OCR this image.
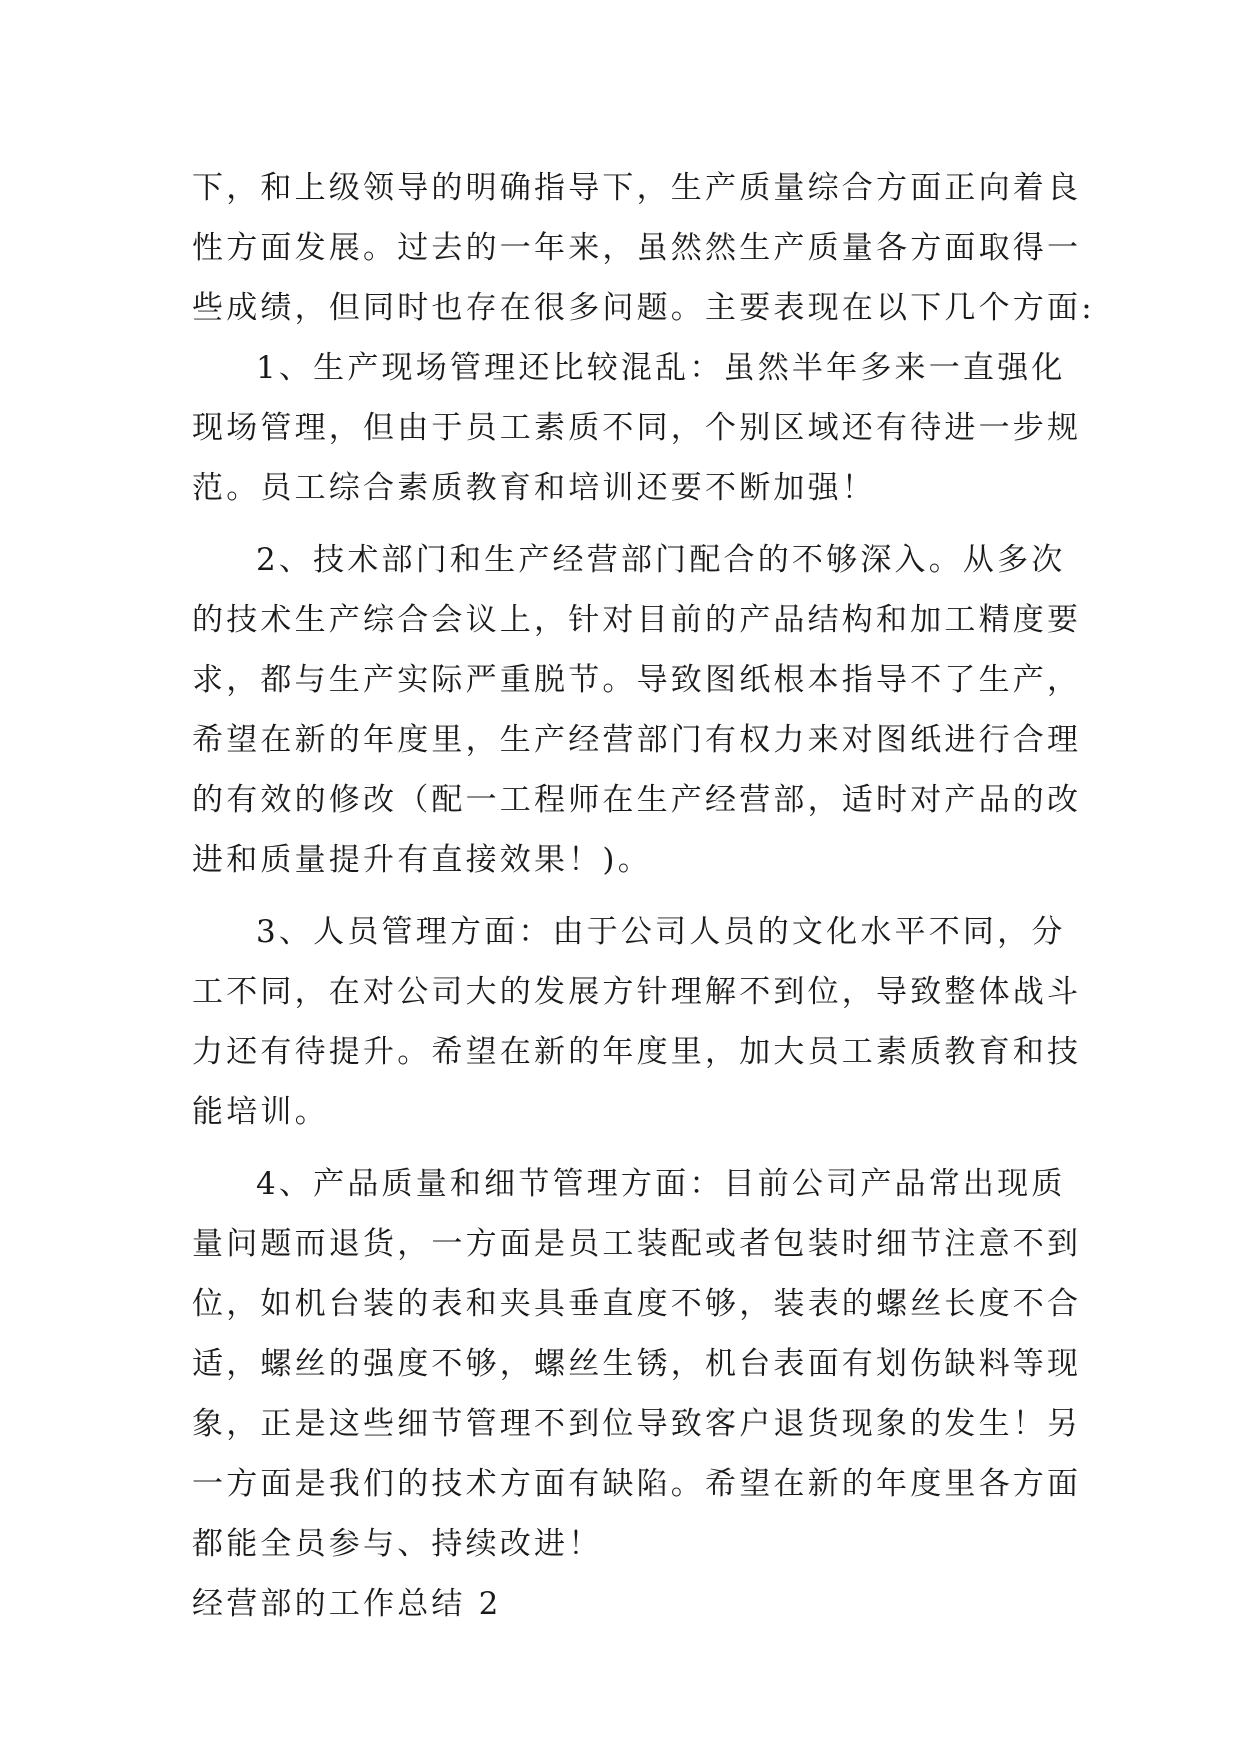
下，和上级领导的明确指导下，生产质量综合方面正向着良
性方面发展。过去的一年来，虽然然生产质量各方面取得一
些成绩，但同时也存在很多问题。主要表现在以下几个方面:
1、生产现场管理还比较混乱：虽然半年多来一直强化
现场管理，但由于员工素质不同，个别区域还有待进一步规
范。员工综合素质教育和培训还要不断加强！
2、技术部门和生产经营部门配合的不够深入。从多次
的技术生产综合会议上，针对目前的产品结构和加工精度要
求，都与生产实际严重脱节。导致图纸根本指导不了生产，
希望在新的年度里，生产经营部门有权力来对图纸进行合理
的有效的修改（配一工程师在生产经营部，适时对产品的改
进和质量提升有直接效果！)。
3、人员管理方面：由于公司人员的文化水平不同，分
工不同，在对公司大的发展方针理解不到位，导致整体战斗
力还有待提升。希望在新的年度里，加大员工素质教育和技
能培训。
4、产品质量和细节管理方面：目前公司产品常出现质
量问题而退货，一方面是员工装配或者包装时细节注意不到
位，如机台装的表和夹具垂直度不够，装表的螺丝长度不合
适，螺丝的强度不够，螺丝生锈，机台表面有划伤缺料等现
象，正是这些细节管理不到位导致客户退货现象的发生！另
一方面是我们的技术方面有缺陷。希望在新的年度里各方面
都能全员参与、持续改进！
经营部的工作总结 2
